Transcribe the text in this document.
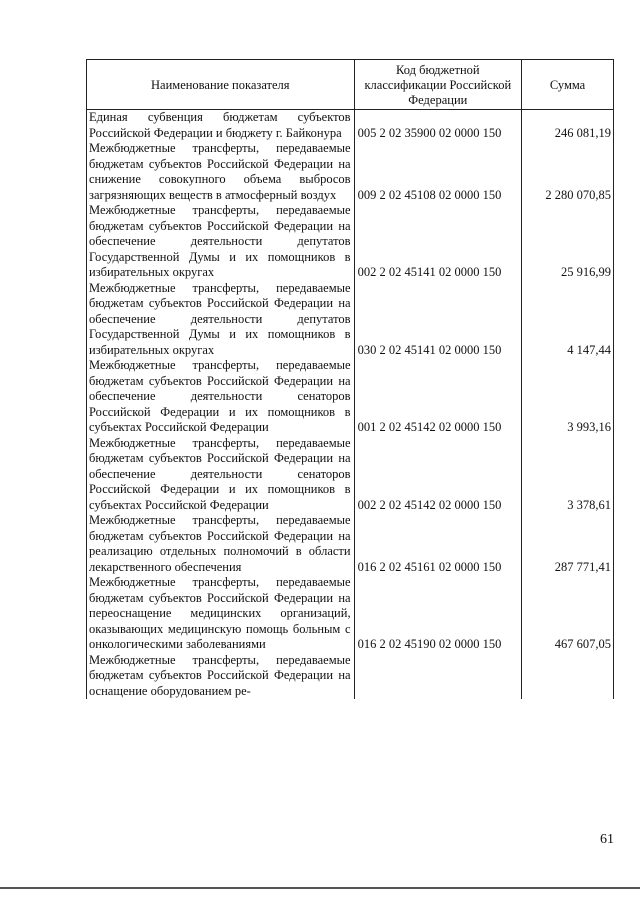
Наименование показателя	Код бюджетной классификации Российской Федерации	Сумма
Единая субвенция бюджетам субъектов Российской Федерации и бюджету г. Байконура	005 2 02 35900 02 0000 150	246 081,19
Межбюджетные трансферты, передаваемые бюджетам субъектов Российской Федерации на снижение совокупного объема выбросов загрязняющих веществ в атмосферный воздух	009 2 02 45108 02 0000 150	2 280 070,85
Межбюджетные трансферты, передаваемые бюджетам субъектов Российской Федерации на обеспечение деятельности депутатов Государственной Думы и их помощников в избирательных округах	002 2 02 45141 02 0000 150	25 916,99
Межбюджетные трансферты, передаваемые бюджетам субъектов Российской Федерации на обеспечение деятельности депутатов Государственной Думы и их помощников в избирательных округах	030 2 02 45141 02 0000 150	4 147,44
Межбюджетные трансферты, передаваемые бюджетам субъектов Российской Федерации на обеспечение деятельности сенаторов Российской Федерации и их помощников в субъектах Российской Федерации	001 2 02 45142 02 0000 150	3 993,16
Межбюджетные трансферты, передаваемые бюджетам субъектов Российской Федерации на обеспечение деятельности сенаторов Российской Федерации и их помощников в субъектах Российской Федерации	002 2 02 45142 02 0000 150	3 378,61
Межбюджетные трансферты, передаваемые бюджетам субъектов Российской Федерации на реализацию отдельных полномочий в области лекарственного обеспечения	016 2 02 45161 02 0000 150	287 771,41
Межбюджетные трансферты, передаваемые бюджетам субъектов Российской Федерации на переоснащение медицинских организаций, оказывающих медицинскую помощь больным с онкологическими заболеваниями	016 2 02 45190 02 0000 150	467 607,05
Межбюджетные трансферты, передаваемые бюджетам субъектов Российской Федерации на оснащение оборудованием ре-		
61
